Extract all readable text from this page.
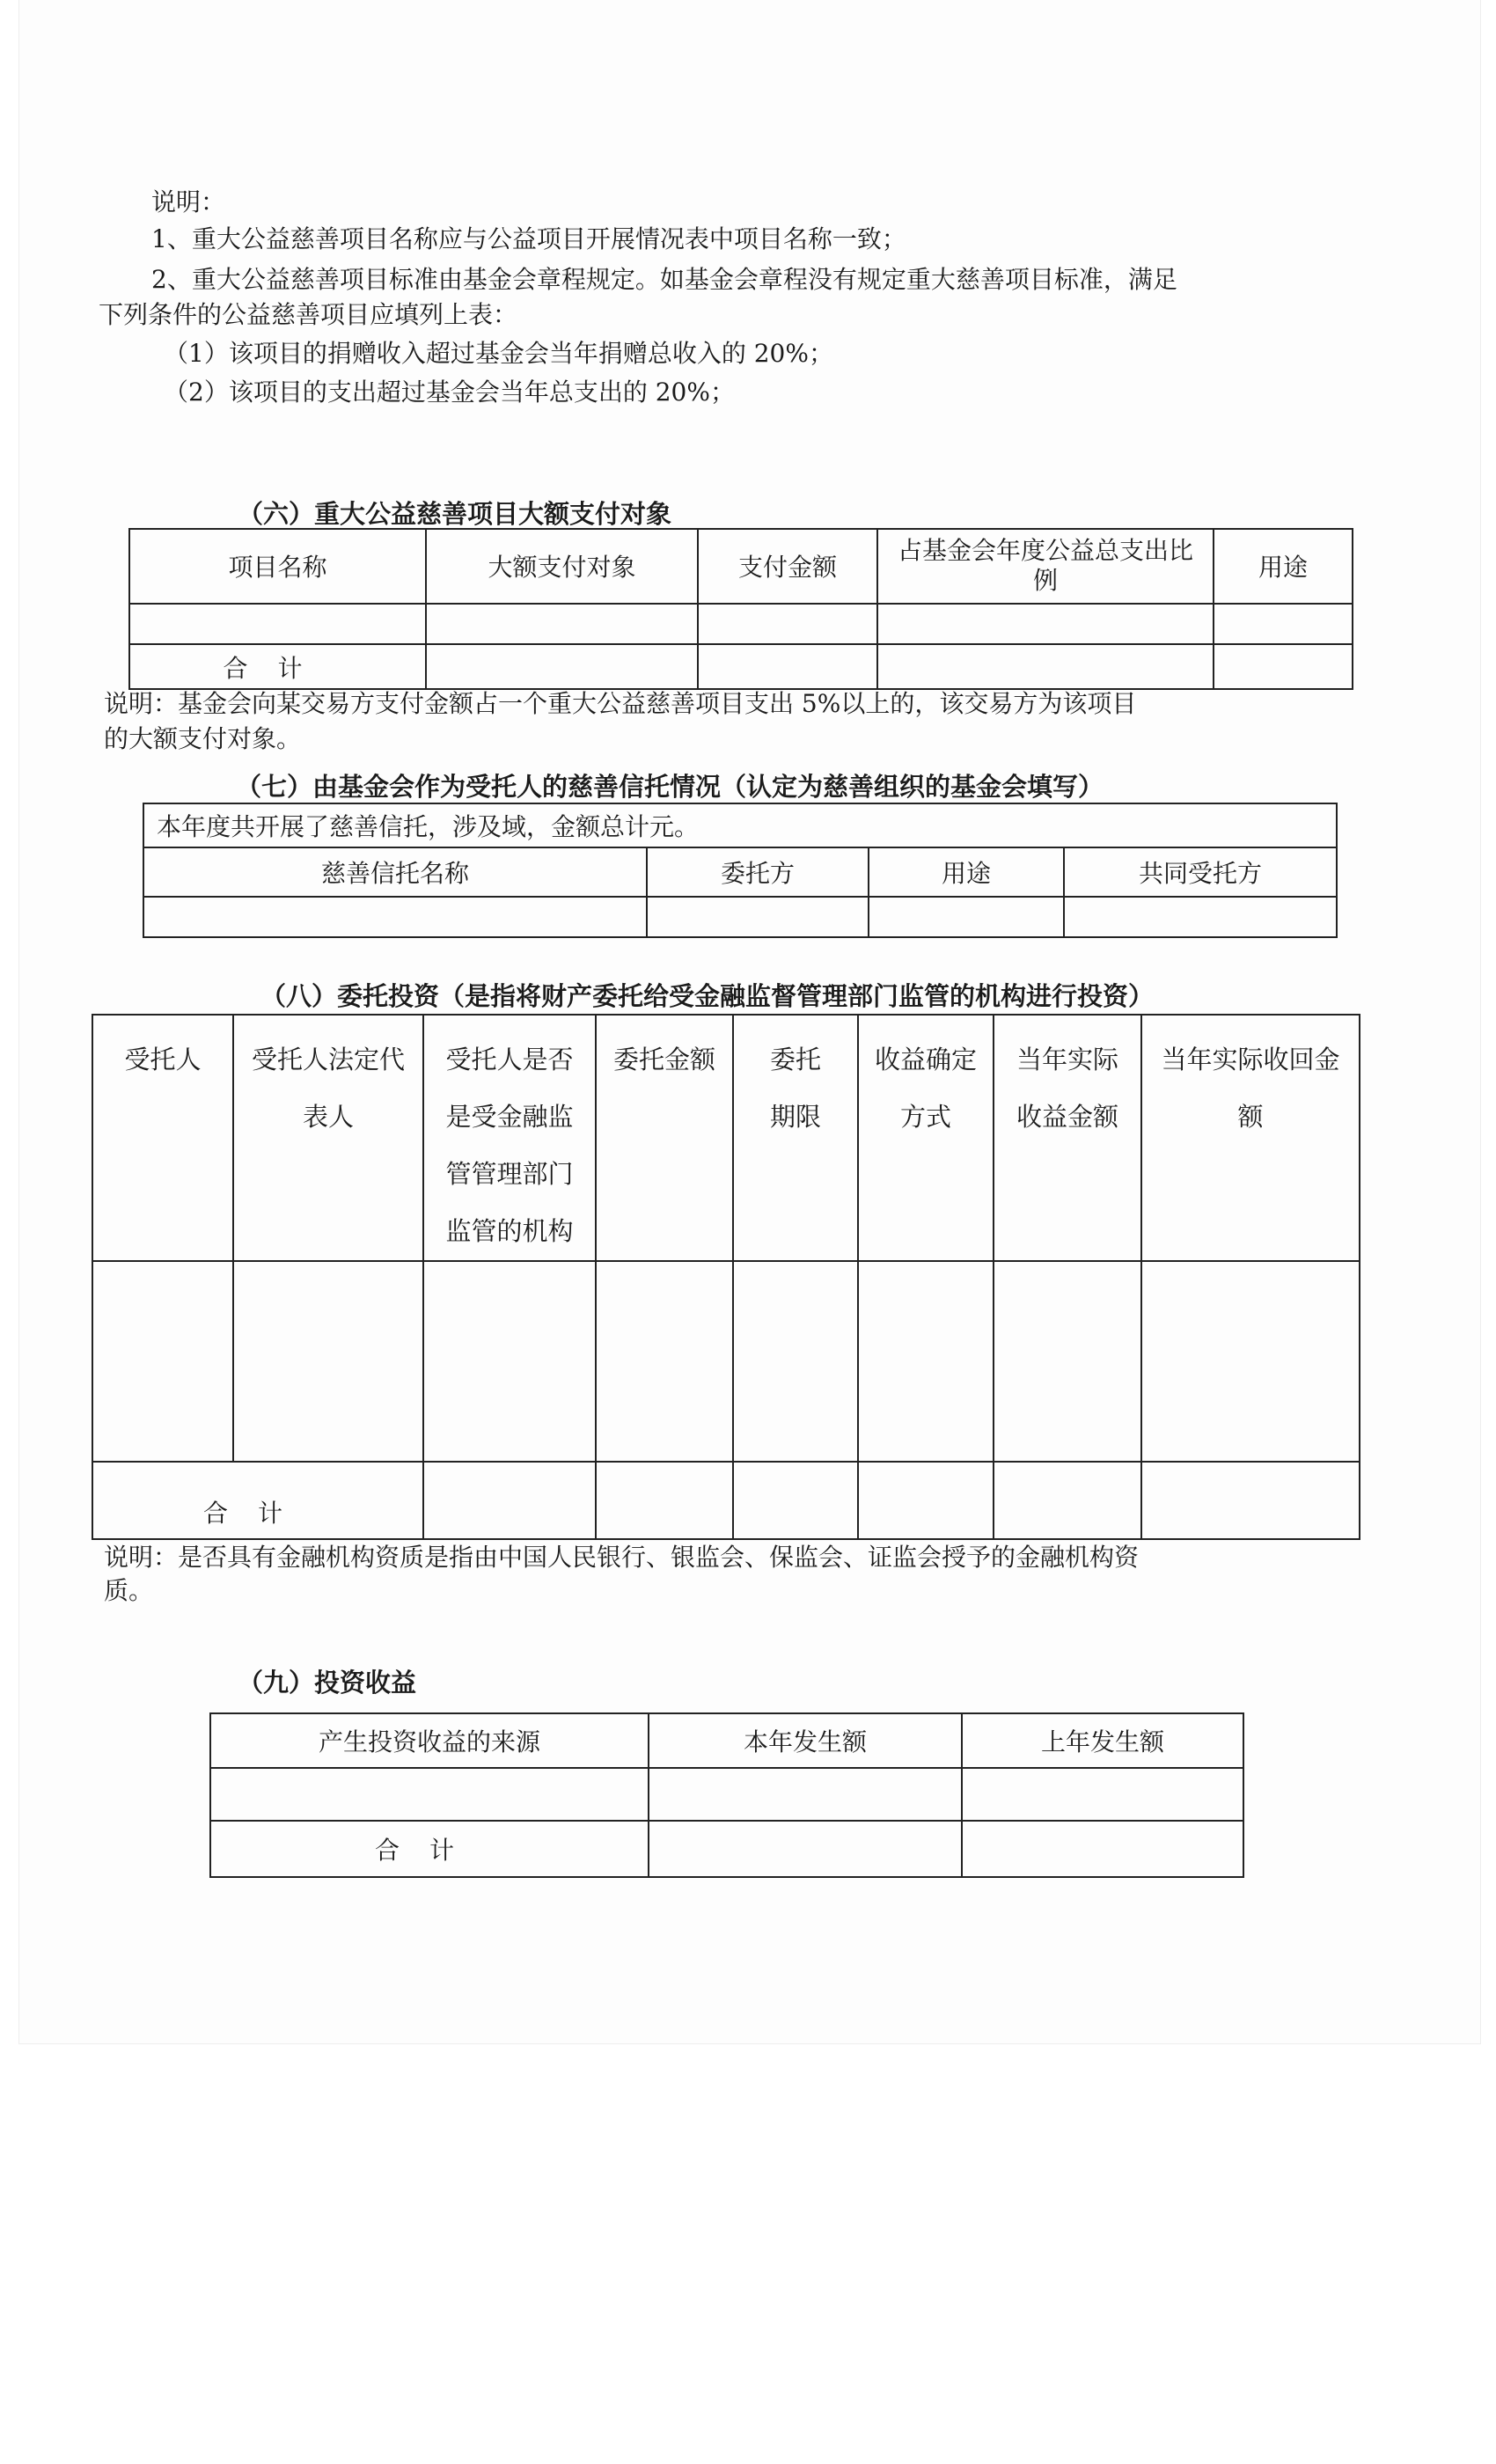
说明：
1、重大公益慈善项目名称应与公益项目开展情况表中项目名称一致；
2、重大公益慈善项目标准由基金会章程规定。如基金会章程没有规定重大慈善项目标准，满足
下列条件的公益慈善项目应填列上表：
（1）该项目的捐赠收入超过基金会当年捐赠总收入的 20%；
（2）该项目的支出超过基金会当年总支出的 20%；
（六）重大公益慈善项目大额支付对象
项目名称	大额支付对象	支付金额	占基金会年度公益总支出比例	用途

合计				
说明：基金会向某交易方支付金额占一个重大公益慈善项目支出 5%以上的，该交易方为该项目
的大额支付对象。
（七）由基金会作为受托人的慈善信托情况（认定为慈善组织的基金会填写）
本年度共开展了慈善信托，涉及域，金额总计元。			
慈善信托名称	委托方	用途	共同受托方

（八）委托投资（是指将财产委托给受金融监督管理部门监管的机构进行投资）
受托人	受托人法定代表人	受托人是否是受金融监管管理部门监管的机构	委托金额	委托期限	收益确定方式	当年实际收益金额	当年实际收回金额

合计							
说明：是否具有金融机构资质是指由中国人民银行、银监会、保监会、证监会授予的金融机构资
质。
（九）投资收益
产生投资收益的来源	本年发生额	上年发生额

合计		
